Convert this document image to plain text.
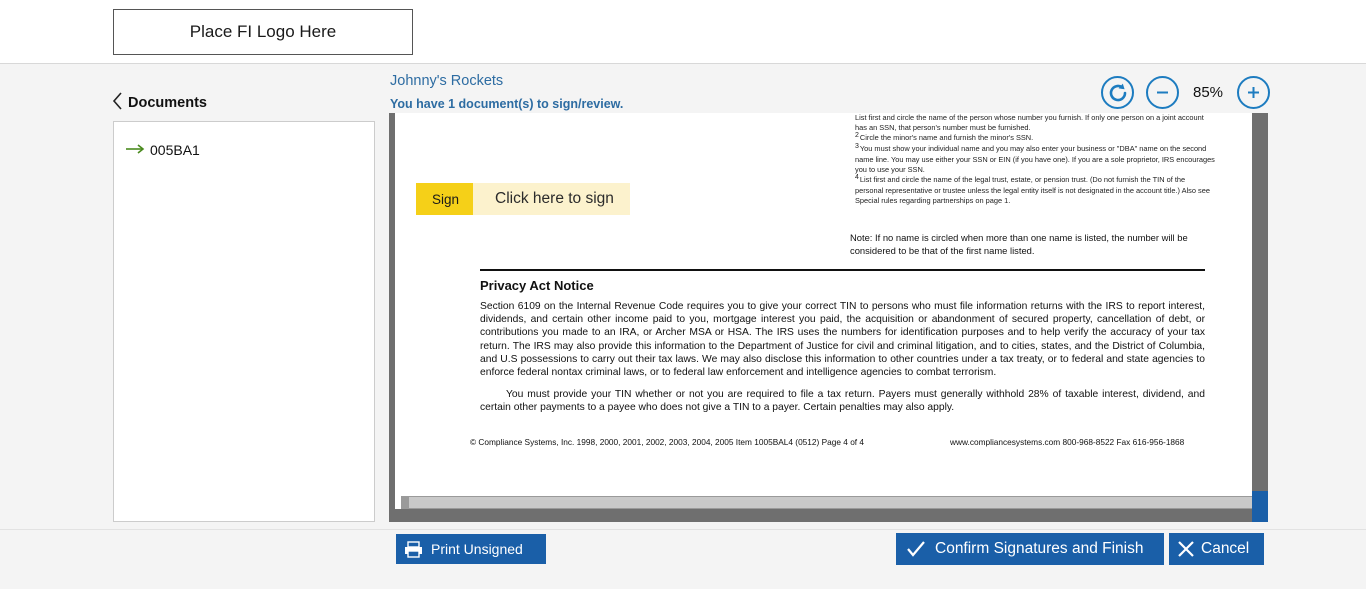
Place FI Logo Here
Documents
Johnny's Rockets
You have 1 document(s) to sign/review.
85%
005BA1
List first and circle the name of the person whose number you furnish. If only one person on a joint account has an SSN, that person's number must be furnished.
$^2$Circle the minor's name and furnish the minor's SSN.
$^3$You must show your individual name and you may also enter your business or "DBA" name on the second name line. You may use either your SSN or EIN (if you have one). If you are a sole proprietor, IRS encourages you to use your SSN.
$^4$List first and circle the name of the legal trust, estate, or pension trust. (Do not furnish the TIN of the personal representative or trustee unless the legal entity itself is not designated in the account title.) Also see Special rules regarding partnerships on page 1.
Note: If no name is circled when more than one name is listed, the number will be considered to be that of the first name listed.
Sign	Click here to sign
Privacy Act Notice

Section 6109 on the Internal Revenue Code requires you to give your correct TIN to persons who must file information returns with the IRS to report interest, dividends, and certain other income paid to you, mortgage interest you paid, the acquisition or abandonment of secured property, cancellation of debt, or contributions you made to an IRA, or Archer MSA or HSA. The IRS uses the numbers for identification purposes and to help verify the accuracy of your tax return. The IRS may also provide this information to the Department of Justice for civil and criminal litigation, and to cities, states, and the District of Columbia, and U.S possessions to carry out their tax laws. We may also disclose this information to other countries under a tax treaty, or to federal and state agencies to enforce federal nontax criminal laws, or to federal law enforcement and intelligence agencies to combat terrorism.

You must provide your TIN whether or not you are required to file a tax return. Payers must generally withhold 28% of taxable interest, dividend, and certain other payments to a payee who does not give a TIN to a payer. Certain penalties may also apply.

© Compliance Systems, Inc. 1998, 2000, 2001, 2002, 2003, 2004, 2005 Item 1005BAL4 (0512) Page 4 of 4	www.compliancesystems.com 800-968-8522 Fax 616-956-1868
Print Unsigned	Confirm Signatures and Finish	Cancel
